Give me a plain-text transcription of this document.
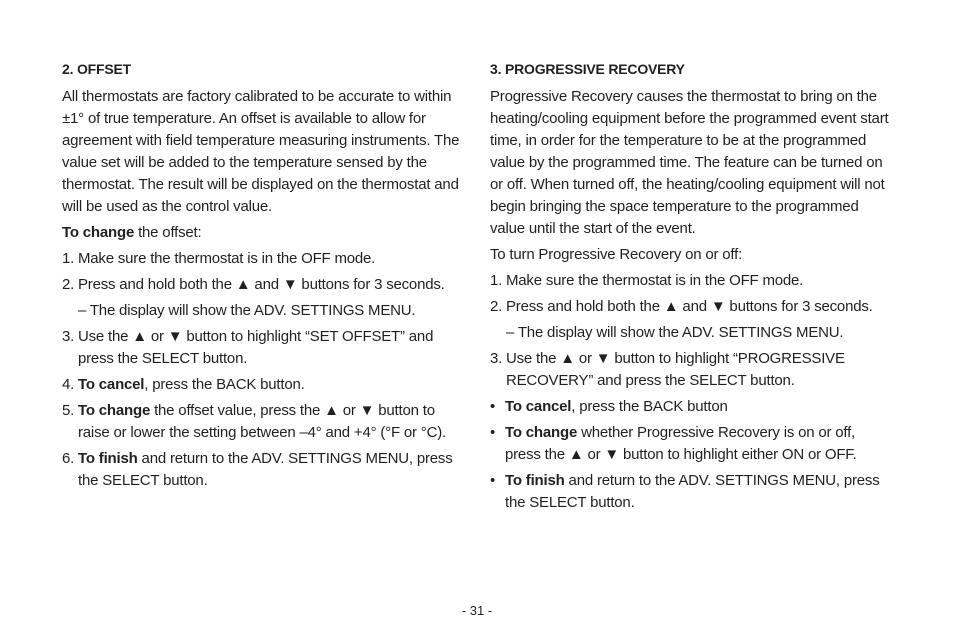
2. OFFSET
All thermostats are factory calibrated to be accurate to within ±1° of true temperature. An offset is available to allow for agreement with field temperature measuring instruments. The value set will be added to the temperature sensed by the thermostat. The result will be displayed on the thermostat and will be used as the control value.
To change the offset:
1. Make sure the thermostat is in the OFF mode.
2. Press and hold both the ▲ and ▼ buttons for 3 seconds.
– The display will show the ADV. SETTINGS MENU.
3. Use the ▲ or ▼ button to highlight “SET OFFSET” and press the SELECT button.
4. To cancel, press the BACK button.
5. To change the offset value, press the ▲ or ▼ button to raise or lower the setting between –4° and +4° (°F or °C).
6. To finish and return to the ADV. SETTINGS MENU, press the SELECT button.
3. PROGRESSIVE RECOVERY
Progressive Recovery causes the thermostat to bring on the heating/cooling equipment before the programmed event start time, in order for the temperature to be at the programmed value by the programmed time. The feature can be turned on or off. When turned off, the heating/cooling equipment will not begin bringing the space temperature to the programmed value until the start of the event.
To turn Progressive Recovery on or off:
1. Make sure the thermostat is in the OFF mode.
2. Press and hold both the ▲ and ▼ buttons for 3 seconds.
– The display will show the ADV. SETTINGS MENU.
3. Use the ▲ or ▼ button to highlight “PROGRESSIVE RECOVERY” and press the SELECT button.
• To cancel, press the BACK button
• To change whether Progressive Recovery is on or off, press the ▲ or ▼ button to highlight either ON or OFF.
• To finish and return to the ADV. SETTINGS MENU, press the SELECT button.
- 31 -
